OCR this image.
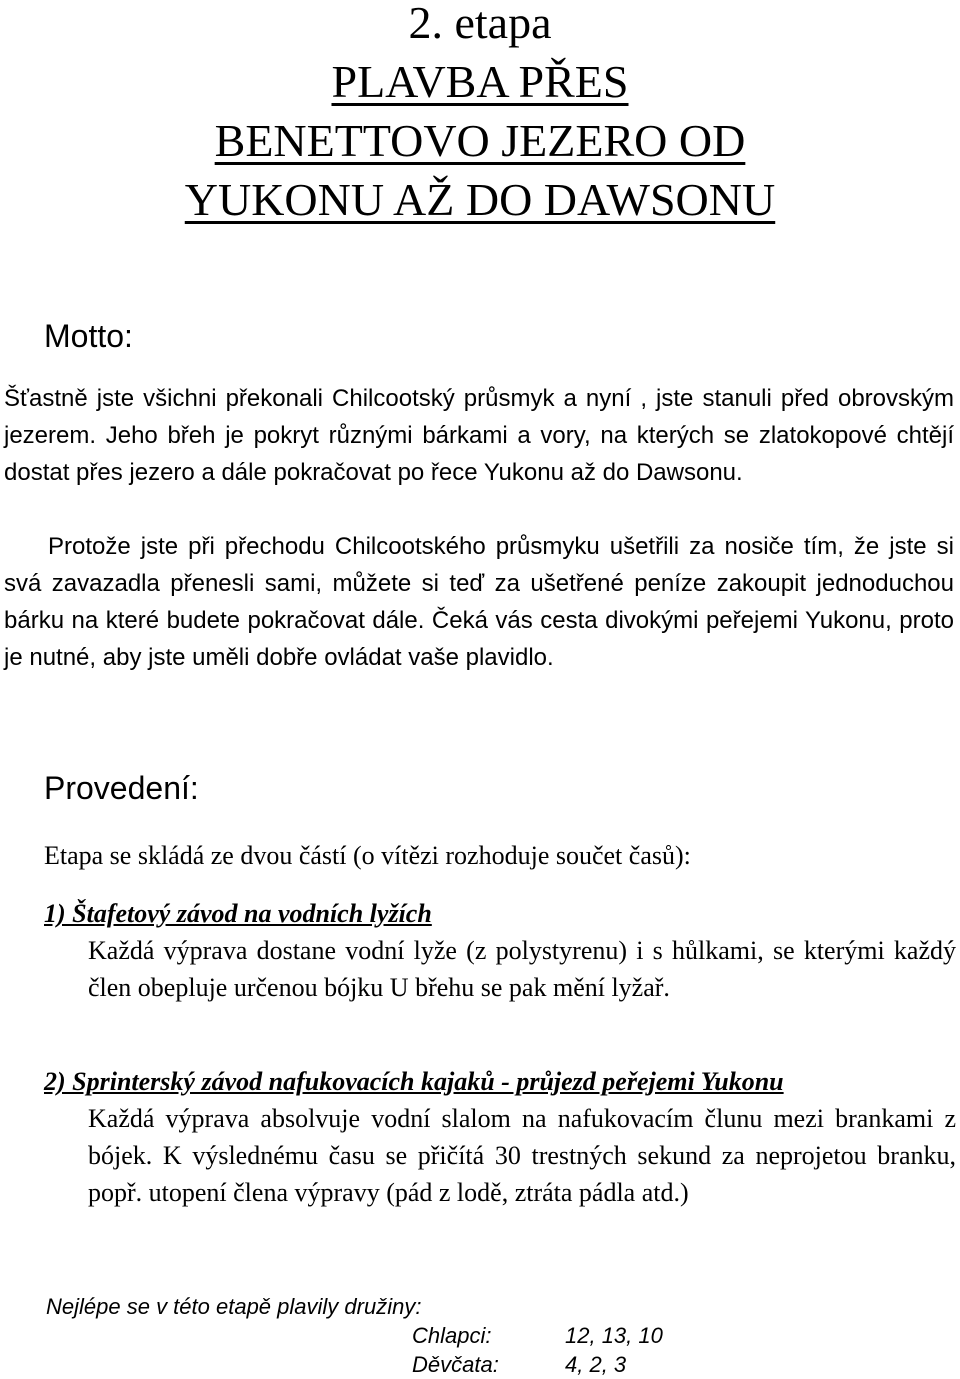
2. etapa
PLAVBA PŘES
BENETTOVO JEZERO OD
YUKONU AŽ DO DAWSONU
Motto:
Šťastně jste všichni překonali Chilcootský průsmyk a nyní , jste stanuli před obrovským jezerem. Jeho břeh je pokryt různými bárkami a vory, na kterých se zlatokopové chtějí dostat přes jezero a dále pokračovat po řece Yukonu až do Dawsonu.
Protože jste při přechodu Chilcootského průsmyku ušetřili za nosiče tím, že jste si svá zavazadla přenesli sami, můžete si teď za ušetřené peníze zakoupit jednoduchou bárku na které budete pokračovat dále. Čeká vás cesta divokými peřejemi Yukonu, proto je nutné, aby jste uměli dobře ovládat vaše plavidlo.
Provedení:
Etapa se skládá ze dvou částí (o vítězi rozhoduje součet časů):
1) Štafetový závod na vodních lyžích
Každá výprava dostane vodní lyže (z polystyrenu) i s hůlkami, se kterými každý člen obepluje určenou bójku U břehu se pak mění lyžař.
2) Sprinterský závod nafukovacích kajaků - průjezd peřejemi Yukonu
Každá výprava absolvuje vodní slalom na nafukovacím člunu mezi brankami z bójek. K výslednému času se přičítá 30 trestných sekund za neprojetou branku, popř. utopení člena výpravy (pád z lodě, ztráta pádla atd.)
Nejlépe se v této etapě plavily družiny:
Chlapci:	12, 13, 10
Děvčata:	4, 2, 3
